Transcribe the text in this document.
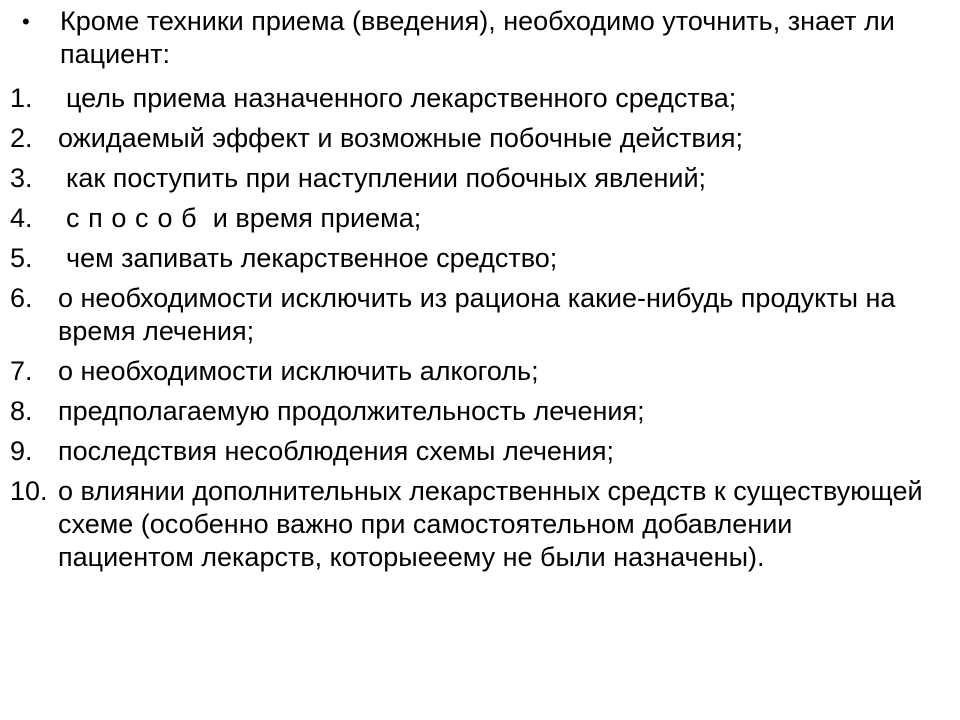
•	Кроме техники приема (введения), необходимо уточнить, знает ли пациент:
1.	цель приема назначенного лекарственного средства;
2. ожидаемый эффект и возможные побочные действия;
3.	как поступить при наступлении побочных явлений;
4.	способ и время приема;
5.	чем запивать лекарственное средство;
6. о необходимости исключить из рациона какие-нибудь продукты на время лечения;
7. о необходимости исключить алкоголь;
8. предполагаемую продолжительность лечения;
9. последствия несоблюдения схемы лечения;
10. о влиянии дополнительных лекарственных средств к существующей схеме (особенно важно при самостоятельном добавлении пациентом лекарств, которыееему не были назначены).
